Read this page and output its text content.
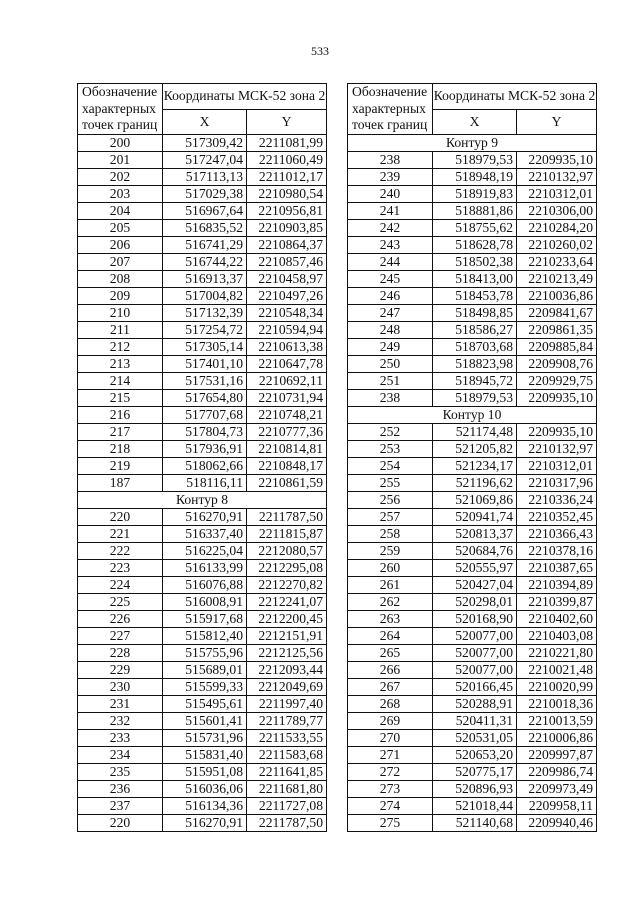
533
Обозначение характерных точек границ	Координаты МСК-52 зона 2	
	X	Y
200	517309,42	2211081,99
201	517247,04	2211060,49
202	517113,13	2211012,17
203	517029,38	2210980,54
204	516967,64	2210956,81
205	516835,52	2210903,85
206	516741,29	2210864,37
207	516744,22	2210857,46
208	516913,37	2210458,97
209	517004,82	2210497,26
210	517132,39	2210548,34
211	517254,72	2210594,94
212	517305,14	2210613,38
213	517401,10	2210647,78
214	517531,16	2210692,11
215	517654,80	2210731,94
216	517707,68	2210748,21
217	517804,73	2210777,36
218	517936,91	2210814,81
219	518062,66	2210848,17
187	518116,11	2210861,59
Контур 8		
220	516270,91	2211787,50
221	516337,40	2211815,87
222	516225,04	2212080,57
223	516133,99	2212295,08
224	516076,88	2212270,82
225	516008,91	2212241,07
226	515917,68	2212200,45
227	515812,40	2212151,91
228	515755,96	2212125,56
229	515689,01	2212093,44
230	515599,33	2212049,69
231	515495,61	2211997,40
232	515601,41	2211789,77
233	515731,96	2211533,55
234	515831,40	2211583,68
235	515951,08	2211641,85
236	516036,06	2211681,80
237	516134,36	2211727,08
220	516270,91	2211787,50
Обозначение характерных точек границ	Координаты МСК-52 зона 2	
	X	Y
Контур 9		
238	518979,53	2209935,10
239	518948,19	2210132,97
240	518919,83	2210312,01
241	518881,86	2210306,00
242	518755,62	2210284,20
243	518628,78	2210260,02
244	518502,38	2210233,64
245	518413,00	2210213,49
246	518453,78	2210036,86
247	518498,85	2209841,67
248	518586,27	2209861,35
249	518703,68	2209885,84
250	518823,98	2209908,76
251	518945,72	2209929,75
238	518979,53	2209935,10
Контур 10		
252	521174,48	2209935,10
253	521205,82	2210132,97
254	521234,17	2210312,01
255	521196,62	2210317,96
256	521069,86	2210336,24
257	520941,74	2210352,45
258	520813,37	2210366,43
259	520684,76	2210378,16
260	520555,97	2210387,65
261	520427,04	2210394,89
262	520298,01	2210399,87
263	520168,90	2210402,60
264	520077,00	2210403,08
265	520077,00	2210221,80
266	520077,00	2210021,48
267	520166,45	2210020,99
268	520288,91	2210018,36
269	520411,31	2210013,59
270	520531,05	2210006,86
271	520653,20	2209997,87
272	520775,17	2209986,74
273	520896,93	2209973,49
274	521018,44	2209958,11
275	521140,68	2209940,46
